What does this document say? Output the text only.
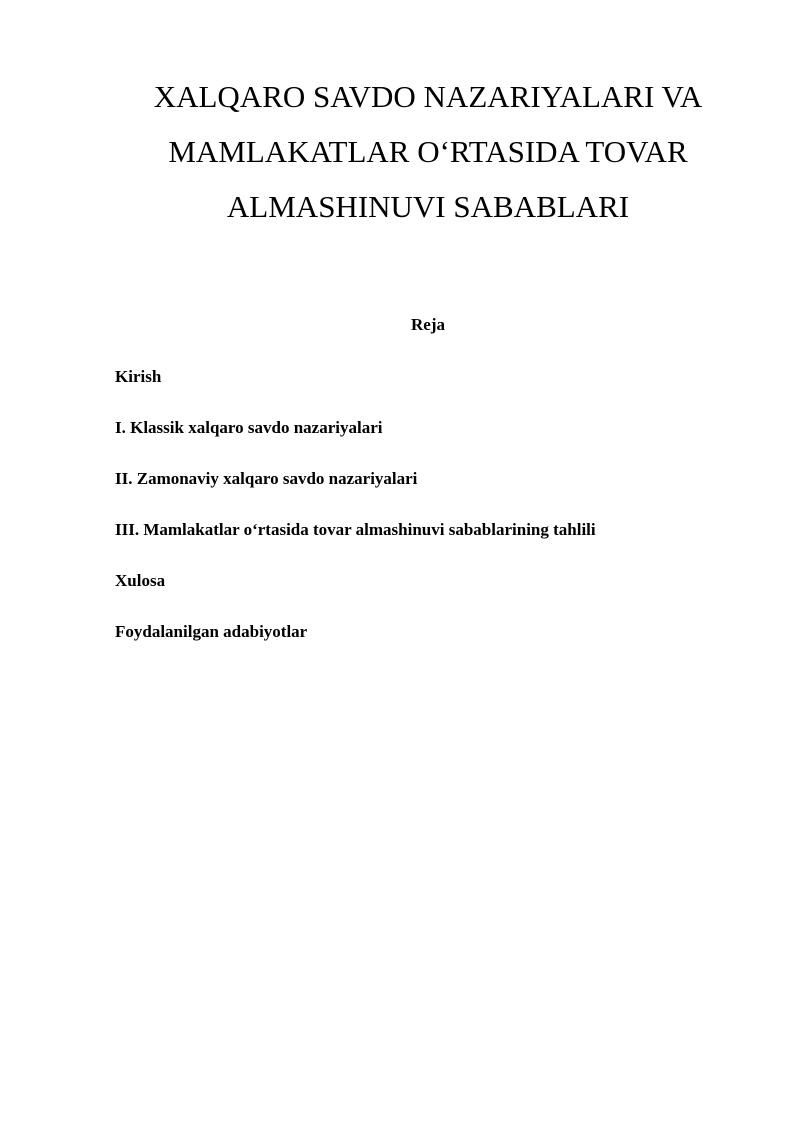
XALQARO SAVDO NAZARIYALARI VA
MAMLAKATLAR O‘RTASIDA TOVAR
ALMASHINUVI SABABLARI
Reja
Kirish
I. Klassik xalqaro savdo nazariyalari
II. Zamonaviy xalqaro savdo nazariyalari
III. Mamlakatlar o‘rtasida tovar almashinuvi sabablarining tahlili
Xulosa
Foydalanilgan adabiyotlar
